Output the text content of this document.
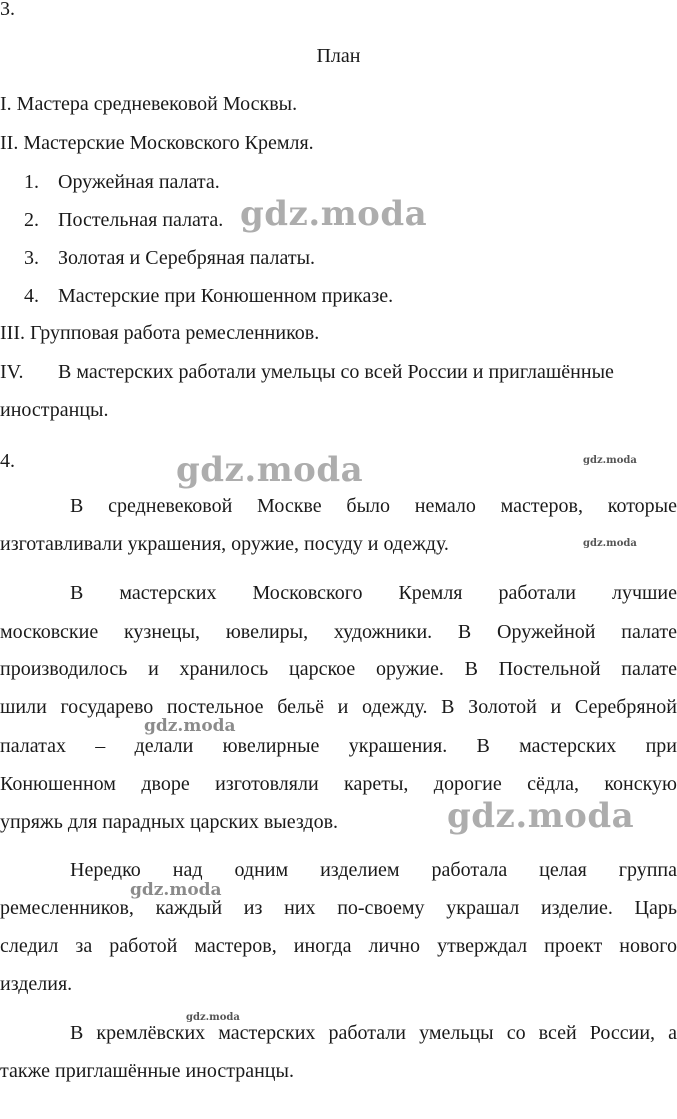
3.
План
I. Мастера средневековой Москвы.
II. Мастерские Московского Кремля.
1. Оружейная палата.
2. Постельная палата.
3. Золотая и Серебряная палаты.
4. Мастерские при Конюшенном приказе.
III. Групповая работа ремесленников.
IV. В мастерских работали умельцы со всей России и приглашённые
иностранцы.
4.
В средневековой Москве было немало мастеров, которые
изготавливали украшения, оружие, посуду и одежду.
В мастерских Московского Кремля работали лучшие
московские кузнецы, ювелиры, художники. В Оружейной палате
производилось и хранилось царское оружие. В Постельной палате
шили государево постельное бельё и одежду. В Золотой и Серебряной
палатах – делали ювелирные украшения. В мастерских при
Конюшенном дворе изготовляли кареты, дорогие сёдла, конскую
упряжь для парадных царских выездов.
Нередко над одним изделием работала целая группа
ремесленников, каждый из них по-своему украшал изделие. Царь
следил за работой мастеров, иногда лично утверждал проект нового
изделия.
В кремлёвских мастерских работали умельцы со всей России, а
также приглашённые иностранцы.
gdz.moda
gdz.moda
gdz.moda
gdz.moda
gdz.moda
gdz.moda
gdz.moda
gdz.moda
